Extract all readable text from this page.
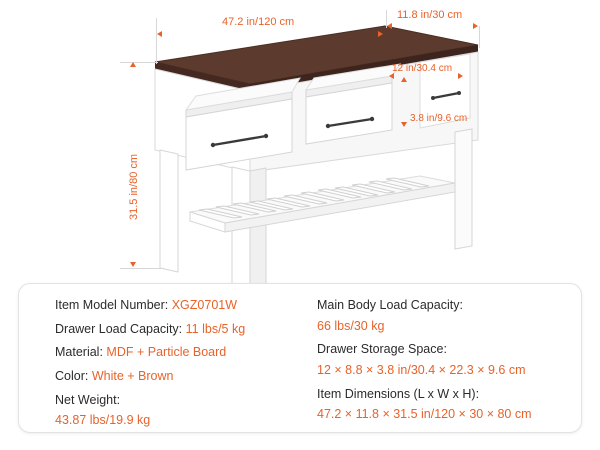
47.2 in/120 cm
11.8 in/30 cm
12 in/30.4 cm
3.8 in/9.6 cm
31.5 in/80 cm
Item Model Number: XGZ0701W
Drawer Load Capacity: 11 lbs/5 kg
Material: MDF + Particle Board
Color: White + Brown
Net Weight:
43.87 lbs/19.9 kg
Main Body Load Capacity:
66 lbs/30 kg
Drawer Storage Space:
12 × 8.8 × 3.8 in/30.4 × 22.3 × 9.6 cm
Item Dimensions (L x W x H):
47.2 × 11.8 × 31.5 in/120 × 30 × 80 cm
